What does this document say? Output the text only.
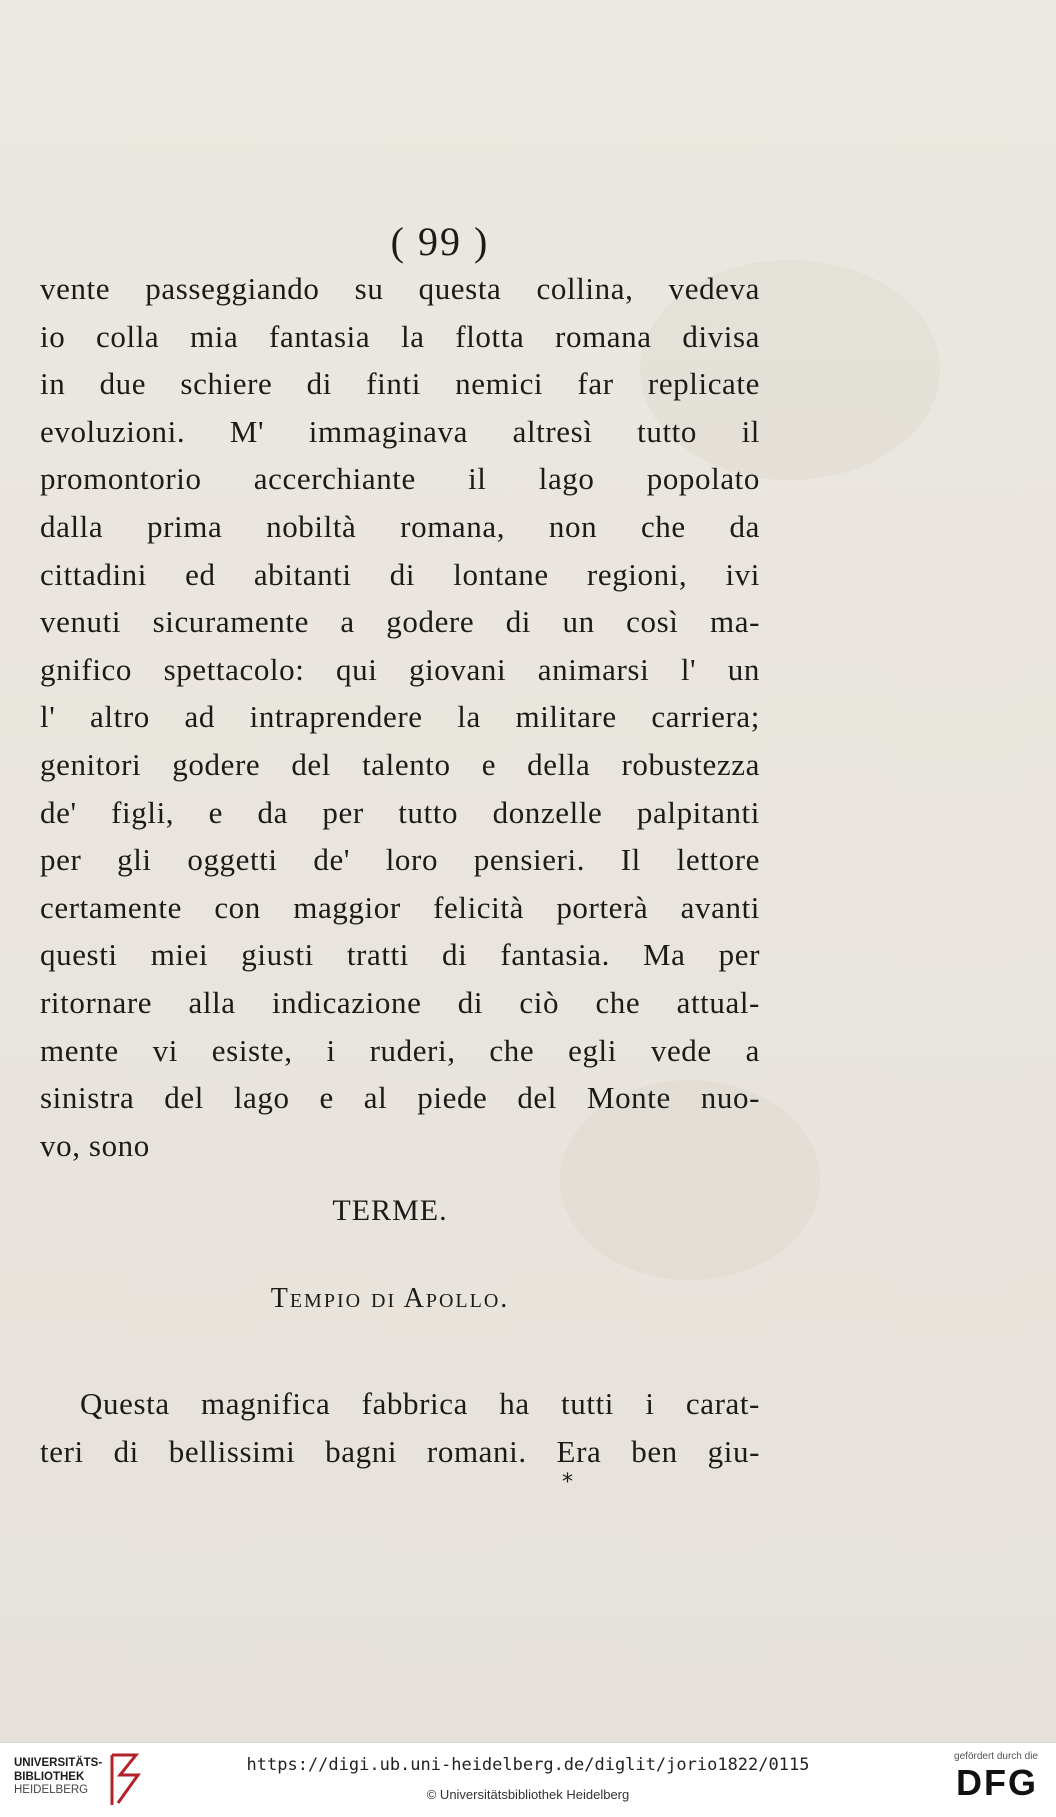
( 99 )
vente passeggiando su questa collina, vedeva
io colla mia fantasia la flotta romana divisa
in due schiere di finti nemici far replicate
evoluzioni. M' immaginava altresì tutto il
promontorio accerchiante il lago popolato
dalla prima nobiltà romana, non che da
cittadini ed abitanti di lontane regioni, ivi
venuti sicuramente a godere di un così ma-
gnifico spettacolo: qui giovani animarsi l' un
l' altro ad intraprendere la militare carriera;
genitori godere del talento e della robustezza
de' figli, e da per tutto donzelle palpitanti
per gli oggetti de' loro pensieri. Il lettore
certamente con maggior felicità porterà avanti
questi miei giusti tratti di fantasia. Ma per
ritornare alla indicazione di ciò che attual-
mente vi esiste, i ruderi, che egli vede a
sinistra del lago e al piede del Monte nuo-
vo, sono
TERME.
Tempio di Apollo.
Questa magnifica fabbrica ha tutti i carat-
teri di bellissimi bagni romani. Era ben giu-
*
UNIVERSITÄTS-
BIBLIOTHEK
HEIDELBERG
https://digi.ub.uni-heidelberg.de/diglit/jorio1822/0115
© Universitätsbibliothek Heidelberg
gefördert durch die
DFG
